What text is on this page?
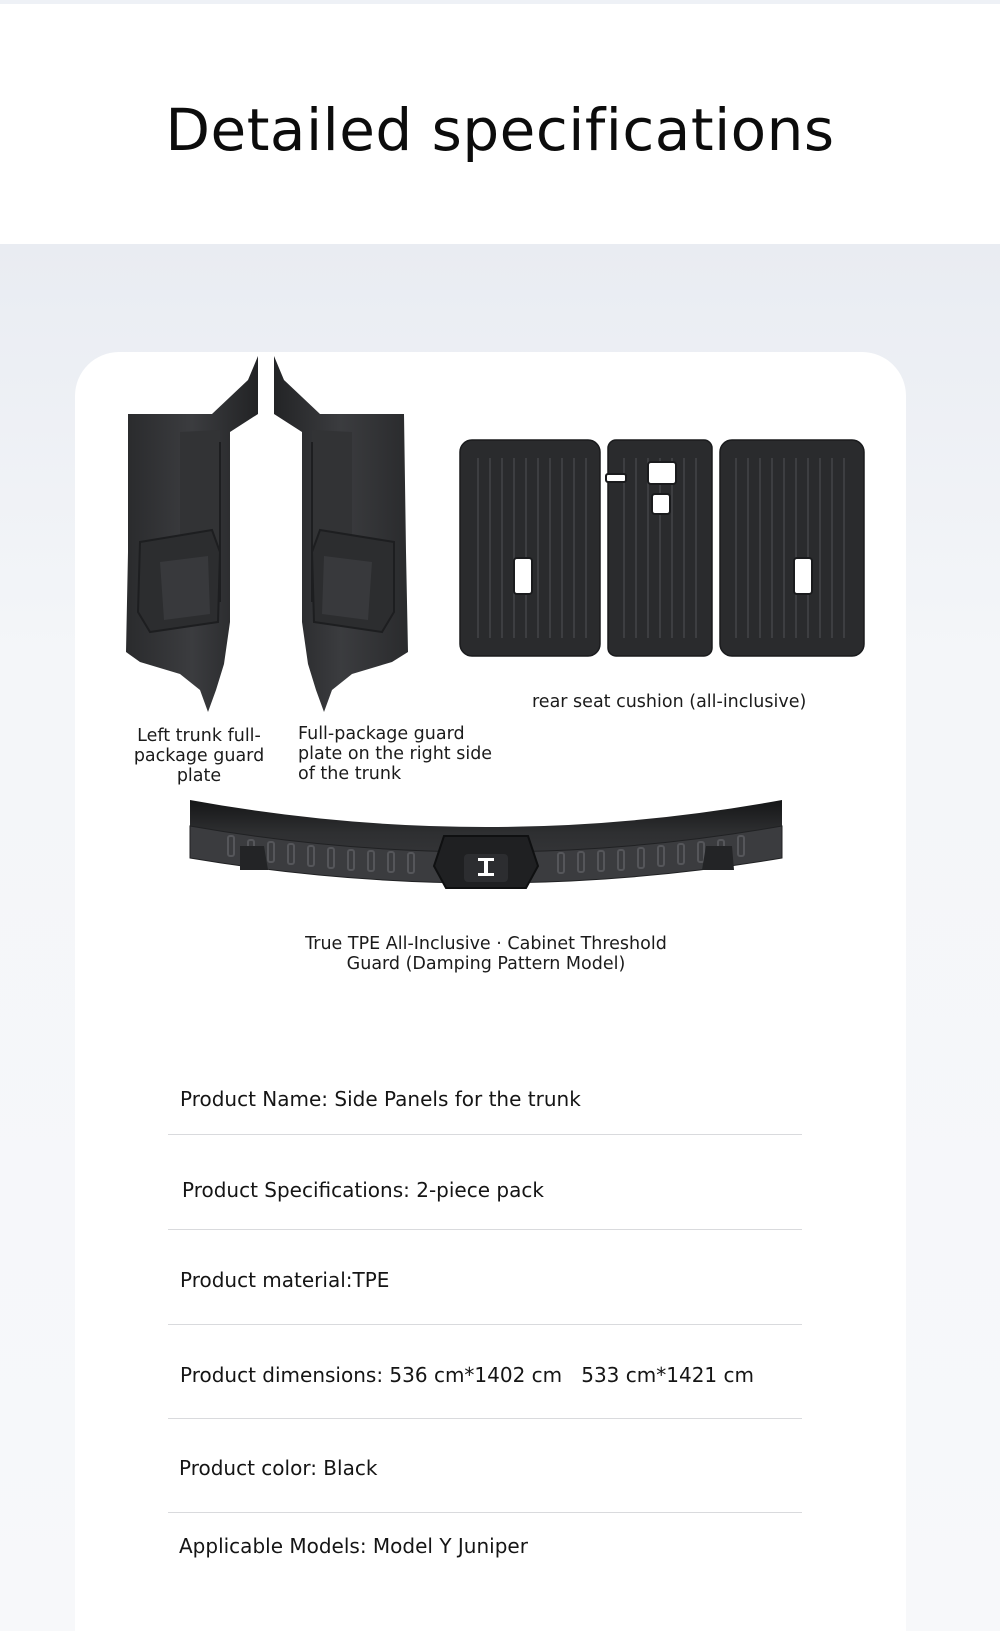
Detailed specifications
Left trunk full-
package guard
plate
Full-package guard
plate on the right side
of the trunk
rear seat cushion (all-inclusive)
True TPE All-Inclusive · Cabinet Threshold
Guard (Damping Pattern Model)
Product Name: Side Panels for the trunk
Product Specifications: 2-piece pack
Product material:TPE
Product dimensions: 536 cm*1402 cm   533 cm*1421 cm
Product color: Black
Applicable Models: Model Y Juniper
